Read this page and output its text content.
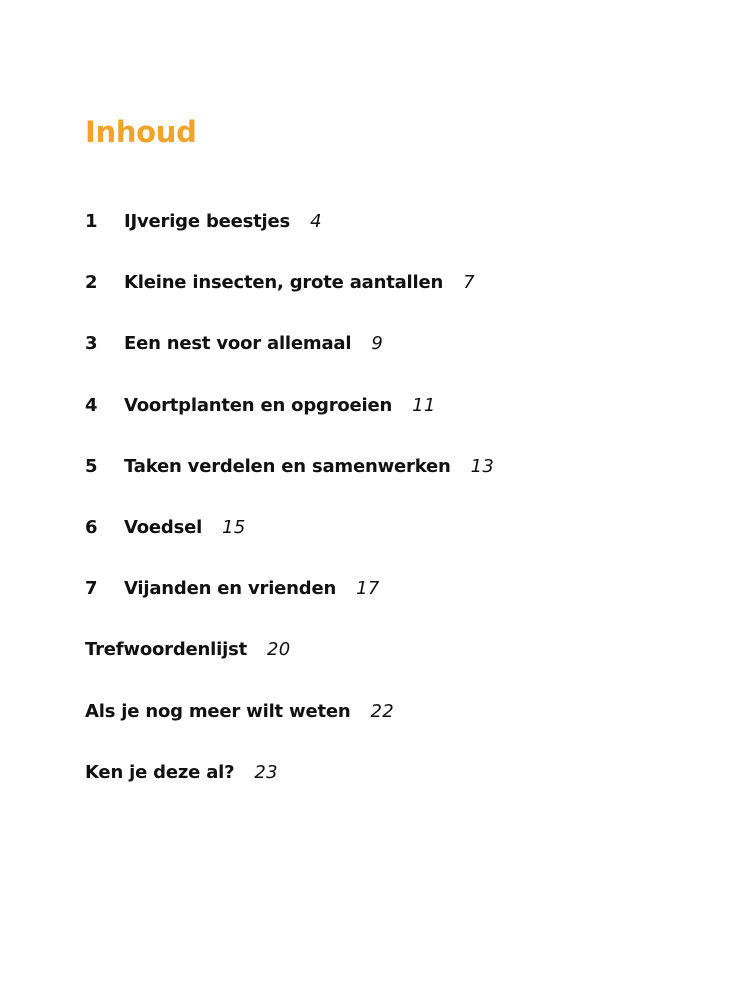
Inhoud
1	IJverige beestjes 4
2	Kleine insecten, grote aantallen 7
3	Een nest voor allemaal 9
4	Voortplanten en opgroeien 11
5	Taken verdelen en samenwerken 13
6	Voedsel 15
7	Vijanden en vrienden 17
Trefwoordenlijst 20
Als je nog meer wilt weten 22
Ken je deze al? 23
